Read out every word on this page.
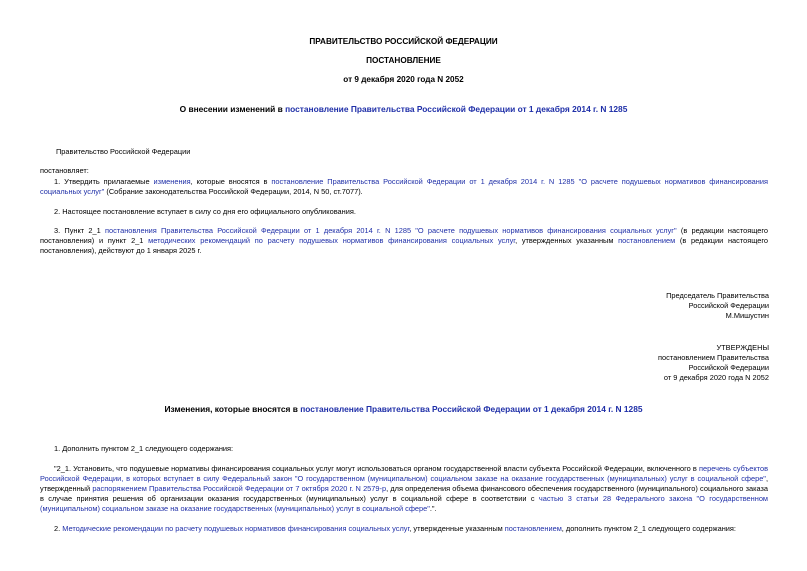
ПРАВИТЕЛЬСТВО РОССИЙСКОЙ ФЕДЕРАЦИИ
ПОСТАНОВЛЕНИЕ
от 9 декабря 2020 года N 2052
О внесении изменений в постановление Правительства Российской Федерации от 1 декабря 2014 г. N 1285
Правительство Российской Федерации
постановляет:
1. Утвердить прилагаемые изменения, которые вносятся в постановление Правительства Российской Федерации от 1 декабря 2014 г. N 1285 "О расчете подушевых нормативов финансирования социальных услуг" (Собрание законодательства Российской Федерации, 2014, N 50, ст.7077).
2. Настоящее постановление вступает в силу со дня его официального опубликования.
3. Пункт 2_1 постановления Правительства Российской Федерации от 1 декабря 2014 г. N 1285 "О расчете подушевых нормативов финансирования социальных услуг" (в редакции настоящего постановления) и пункт 2_1 методических рекомендаций по расчету подушевых нормативов финансирования социальных услуг, утвержденных указанным постановлением (в редакции настоящего постановления), действуют до 1 января 2025 г.
Председатель Правительства
Российской Федерации
М.Мишустин
УТВЕРЖДЕНЫ
постановлением Правительства
Российской Федерации
от 9 декабря 2020 года N 2052
Изменения, которые вносятся в постановление Правительства Российской Федерации от 1 декабря 2014 г. N 1285
1. Дополнить пунктом 2_1 следующего содержания:
"2_1. Установить, что подушевые нормативы финансирования социальных услуг могут использоваться органом государственной власти субъекта Российской Федерации, включенного в перечень субъектов Российской Федерации, в которых вступает в силу Федеральный закон "О государственном (муниципальном) социальном заказе на оказание государственных (муниципальных) услуг в социальной сфере", утвержденный распоряжением Правительства Российской Федерации от 7 октября 2020 г. N 2579-р, для определения объема финансового обеспечения государственного (муниципального) социального заказа в случае принятия решения об организации оказания государственных (муниципальных) услуг в социальной сфере в соответствии с частью 3 статьи 28 Федерального закона "О государственном (муниципальном) социальном заказе на оказание государственных (муниципальных) услуг в социальной сфере".".
2. Методические рекомендации по расчету подушевых нормативов финансирования социальных услуг, утвержденные указанным постановлением, дополнить пунктом 2_1 следующего содержания:
